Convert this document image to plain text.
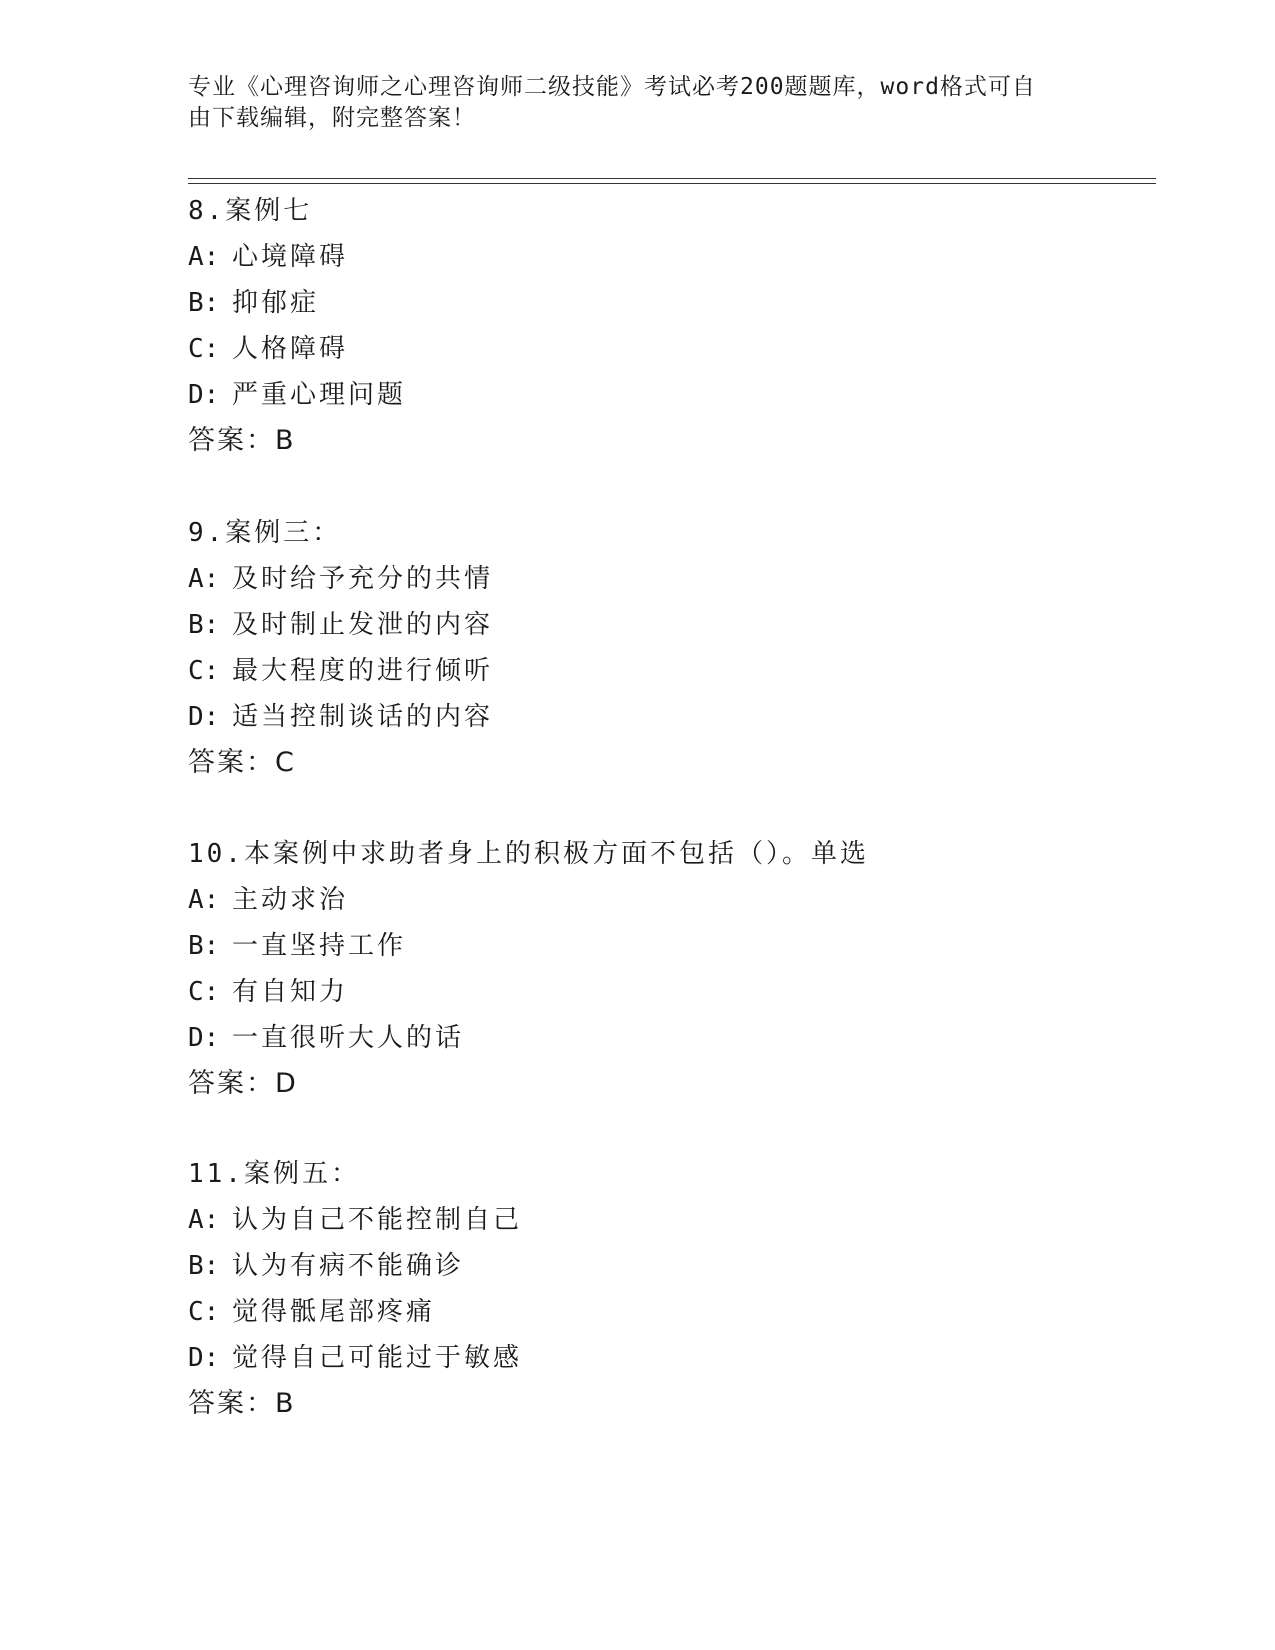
专业《心理咨询师之心理咨询师二级技能》考试必考200题题库，word格式可自
由下载编辑，附完整答案！
8.案例七
A: 心境障碍
B: 抑郁症
C: 人格障碍
D: 严重心理问题
答案：B
9.案例三：
A: 及时给予充分的共情
B: 及时制止发泄的内容
C: 最大程度的进行倾听
D: 适当控制谈话的内容
答案：C
10.本案例中求助者身上的积极方面不包括（）。单选
A: 主动求治
B: 一直坚持工作
C: 有自知力
D: 一直很听大人的话
答案：D
11.案例五：
A: 认为自己不能控制自己
B: 认为有病不能确诊
C: 觉得骶尾部疼痛
D: 觉得自己可能过于敏感
答案：B
